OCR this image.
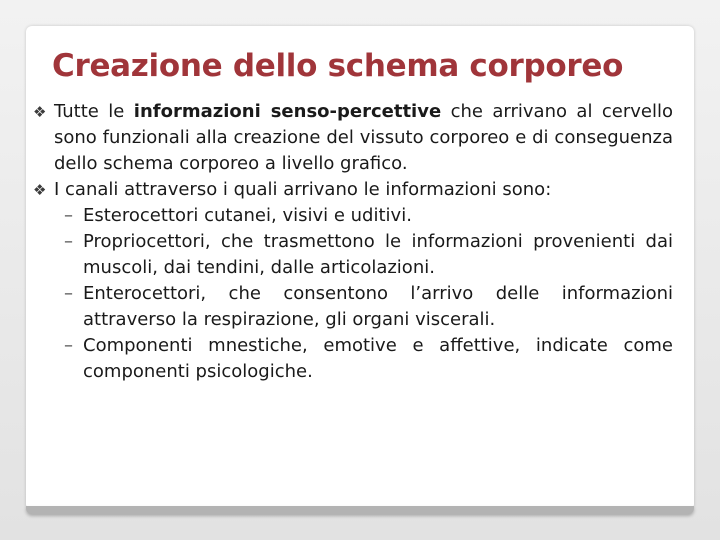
Creazione dello schema corporeo
❖ Tutte le informazioni senso-percettive che arrivano al cervello sono funzionali alla creazione del vissuto corporeo e di conseguenza dello schema corporeo a livello grafico.
❖ I canali attraverso i quali arrivano le informazioni sono:
– Esterocettori cutanei, visivi e uditivi.
– Propriocettori, che trasmettono le informazioni provenienti dai muscoli, dai tendini, dalle articolazioni.
– Enterocettori, che consentono l’arrivo delle informazioni attraverso la respirazione, gli organi viscerali.
– Componenti mnestiche, emotive e affettive, indicate come componenti psicologiche.
